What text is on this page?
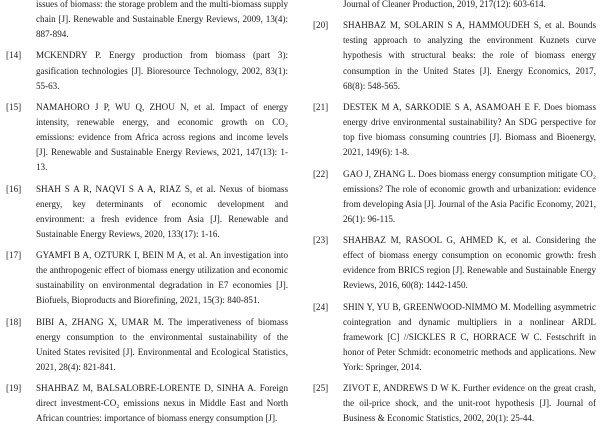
issues of biomass: the storage problem and the multi-biomass supply chain [J]. Renewable and Sustainable Energy Reviews, 2009, 13(4): 887-894.
[14]	MCKENDRY P. Energy production from biomass (part 3): gasification technologies [J]. Bioresource Technology, 2002, 83(1): 55-63.
[15]	NAMAHORO J P, WU Q, ZHOU N, et al. Impact of energy intensity, renewable energy, and economic growth on CO₂ emissions: evidence from Africa across regions and income levels [J]. Renewable and Sustainable Energy Reviews, 2021, 147(13): 1-13.
[16]	SHAH S A R, NAQVI S A A, RIAZ S, et al. Nexus of biomass energy, key determinants of economic development and environment: a fresh evidence from Asia [J]. Renewable and Sustainable Energy Reviews, 2020, 133(17): 1-16.
[17]	GYAMFI B A, OZTURK I, BEIN M A, et al. An investigation into the anthropogenic effect of biomass energy utilization and economic sustainability on environmental degradation in E7 economies [J]. Biofuels, Bioproducts and Biorefining, 2021, 15(3): 840-851.
[18]	BIBI A, ZHANG X, UMAR M. The imperativeness of biomass energy consumption to the environmental sustainability of the United States revisited [J]. Environmental and Ecological Statistics, 2021, 28(4): 821-841.
[19]	SHAHBAZ M, BALSALOBRE-LORENTE D, SINHA A. Foreign direct investment-CO₂ emissions nexus in Middle East and North African countries: importance of biomass energy consumption [J].
Journal of Cleaner Production, 2019, 217(12): 603-614.
[20]	SHAHBAZ M, SOLARIN S A, HAMMOUDEH S, et al. Bounds testing approach to analyzing the environment Kuznets curve hypothesis with structural beaks: the role of biomass energy consumption in the United States [J]. Energy Economics, 2017, 68(8): 548-565.
[21]	DESTEK M A, SARKODIE S A, ASAMOAH E F. Does biomass energy drive environmental sustainability? An SDG perspective for top five biomass consuming countries [J]. Biomass and Bioenergy, 2021, 149(6): 1-8.
[22]	GAO J, ZHANG L. Does biomass energy consumption mitigate CO₂ emissions? The role of economic growth and urbanization: evidence from developing Asia [J]. Journal of the Asia Pacific Economy, 2021, 26(1): 96-115.
[23]	SHAHBAZ M, RASOOL G, AHMED K, et al. Considering the effect of biomass energy consumption on economic growth: fresh evidence from BRICS region [J]. Renewable and Sustainable Energy Reviews, 2016, 60(8): 1442-1450.
[24]	SHIN Y, YU B, GREENWOOD-NIMMO M. Modelling asymmetric cointegration and dynamic multipliers in a nonlinear ARDL framework [C] //SICKLES R C, HORRACE W C. Festschrift in honor of Peter Schmidt: econometric methods and applications. New York: Springer, 2014.
[25]	ZIVOT E, ANDREWS D W K. Further evidence on the great crash, the oil-price shock, and the unit-root hypothesis [J]. Journal of Business & Economic Statistics, 2002, 20(1): 25-44.
